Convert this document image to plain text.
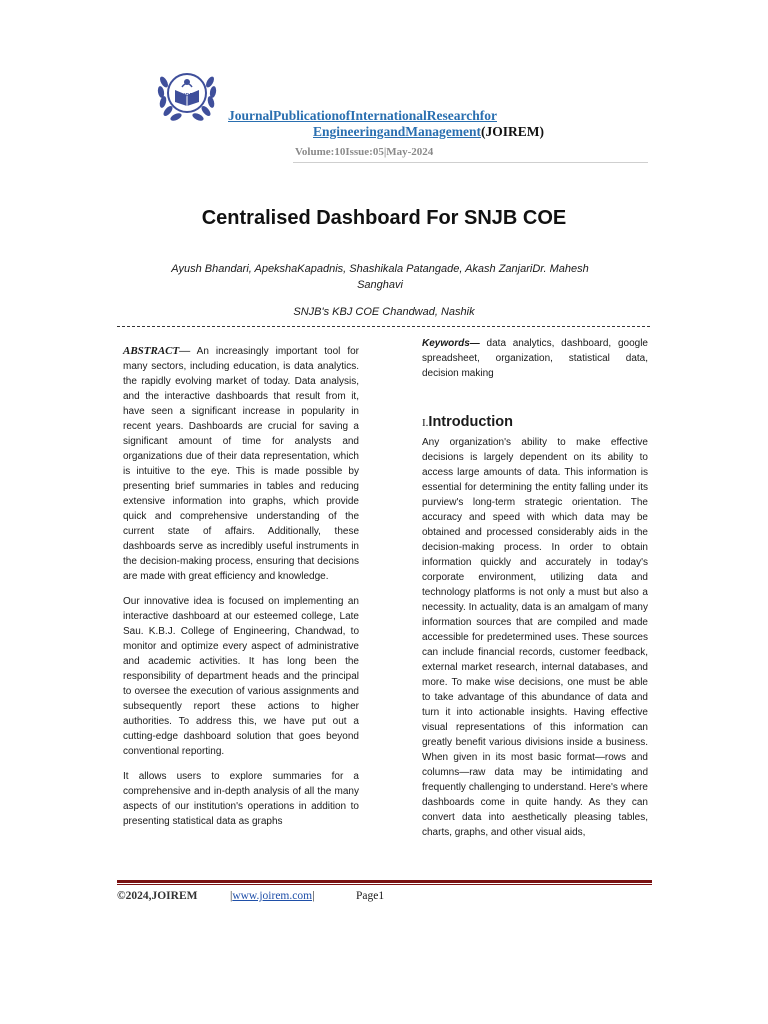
JOIREM
JournalPublicationofInternationalResearchfor
EngineeringandManagement(JOIREM)
Volume:10Issue:05|May-2024
Centralised Dashboard For SNJB COE
Ayush Bhandari, ApekshaKapadnis, Shashikala Patangade, Akash ZanjariDr. Mahesh Sanghavi
SNJB's KBJ COE Chandwad, Nashik

ABSTRACT— An increasingly important tool for many sectors, including education, is data analytics. the rapidly evolving market of today. Data analysis, and the interactive dashboards that result from it, have seen a significant increase in popularity in recent years. Dashboards are crucial for saving a significant amount of time for analysts and organizations due of their data representation, which is intuitive to the eye. This is made possible by presenting brief summaries in tables and reducing extensive information into graphs, which provide quick and comprehensive understanding of the current state of affairs. Additionally, these dashboards serve as incredibly useful instruments in the decision-making process, ensuring that decisions are made with great efficiency and knowledge.

Our innovative idea is focused on implementing an interactive dashboard at our esteemed college, Late Sau. K.B.J. College of Engineering, Chandwad, to monitor and optimize every aspect of administrative and academic activities. It has long been the responsibility of department heads and the principal to oversee the execution of various assignments and subsequently report these actions to higher authorities. To address this, we have put out a cutting-edge dashboard solution that goes beyond conventional reporting.

It allows users to explore summaries for a comprehensive and in-depth analysis of all the many aspects of our institution's operations in addition to presenting statistical data as graphs

Keywords— data analytics, dashboard, google spreadsheet, organization, statistical data, decision making

I. Introduction

Any organization's ability to make effective decisions is largely dependent on its ability to access large amounts of data. This information is essential for determining the entity falling under its purview's long-term strategic orientation. The accuracy and speed with which data may be obtained and processed considerably aids in the decision-making process. In order to obtain information quickly and accurately in today's corporate environment, utilizing data and technology platforms is not only a must but also a necessity. In actuality, data is an amalgam of many information sources that are compiled and made accessible for predetermined uses. These sources can include financial records, customer feedback, external market research, internal databases, and more. To make wise decisions, one must be able to take advantage of this abundance of data and turn it into actionable insights. Having effective visual representations of this information can greatly benefit various divisions inside a business. When given in its most basic format—rows and columns—raw data may be intimidating and frequently challenging to understand. Here's where dashboards come in quite handy. As they can convert data into aesthetically pleasing tables, charts, graphs, and other visual aids,

©2024,JOIREM	|www.joirem.com|	Page1
